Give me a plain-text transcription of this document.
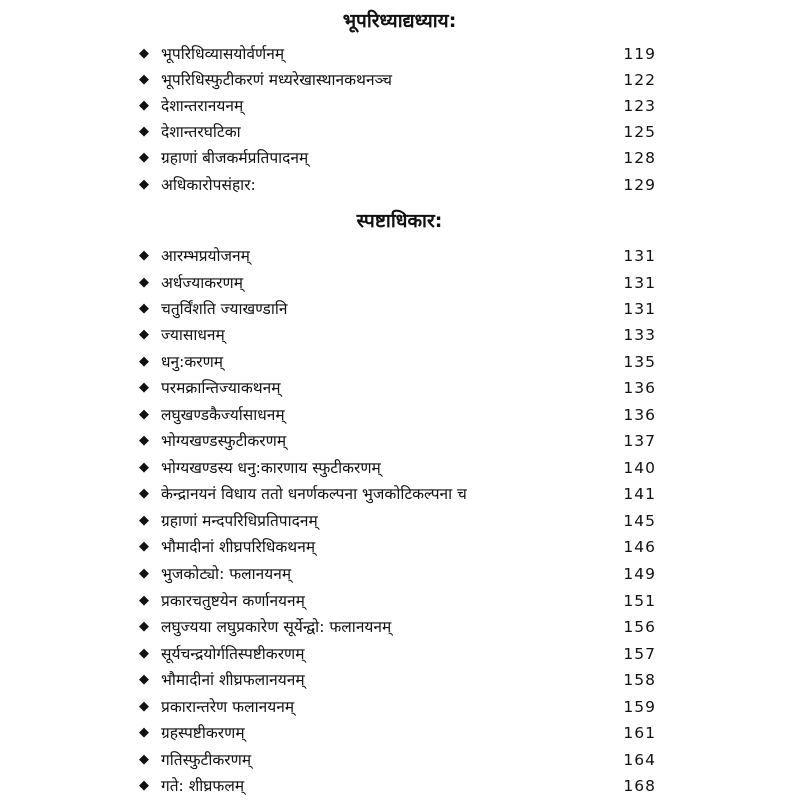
भूपरिध्याद्यध्याय:
◆ भूपरिधिव्यासयोर्वर्णनम्	119
◆ भूपरिधिस्फुटीकरणं मध्यरेखास्थानकथनञ्च	122
◆ देशान्तरानयनम्	123
◆ देशान्तरघटिका	125
◆ ग्रहाणां बीजकर्मप्रतिपादनम्	128
◆ अधिकारोपसंहार:	129
स्पष्टाधिकार:
◆ आरम्भप्रयोजनम्	131
◆ अर्धज्याकरणम्	131
◆ चतुर्विंशति ज्याखण्डानि	131
◆ ज्यासाधनम्	133
◆ धनु:करणम्	135
◆ परमक्रान्तिज्याकथनम्	136
◆ लघुखण्डकैर्ज्यासाधनम्	136
◆ भोग्यखण्डस्फुटीकरणम्	137
◆ भोग्यखण्डस्य धनु:कारणाय स्फुटीकरणम्	140
◆ केन्द्रानयनं विधाय ततो धनर्णकल्पना भुजकोटिकल्पना च	141
◆ ग्रहाणां मन्दपरिधिप्रतिपादनम्	145
◆ भौमादीनां शीघ्रपरिधिकथनम्	146
◆ भुजकोट्यो: फलानयनम्	149
◆ प्रकारचतुष्टयेन कर्णानयनम्	151
◆ लघुज्यया लघुप्रकारेण सूर्येन्द्वो: फलानयनम्	156
◆ सूर्यचन्द्रयोर्गतिस्पष्टीकरणम्	157
◆ भौमादीनां शीघ्रफलानयनम्	158
◆ प्रकारान्तरेण फलानयनम्	159
◆ ग्रहस्पष्टीकरणम्	161
◆ गतिस्फुटीकरणम्	164
◆ गते: शीघ्रफलम्	168
